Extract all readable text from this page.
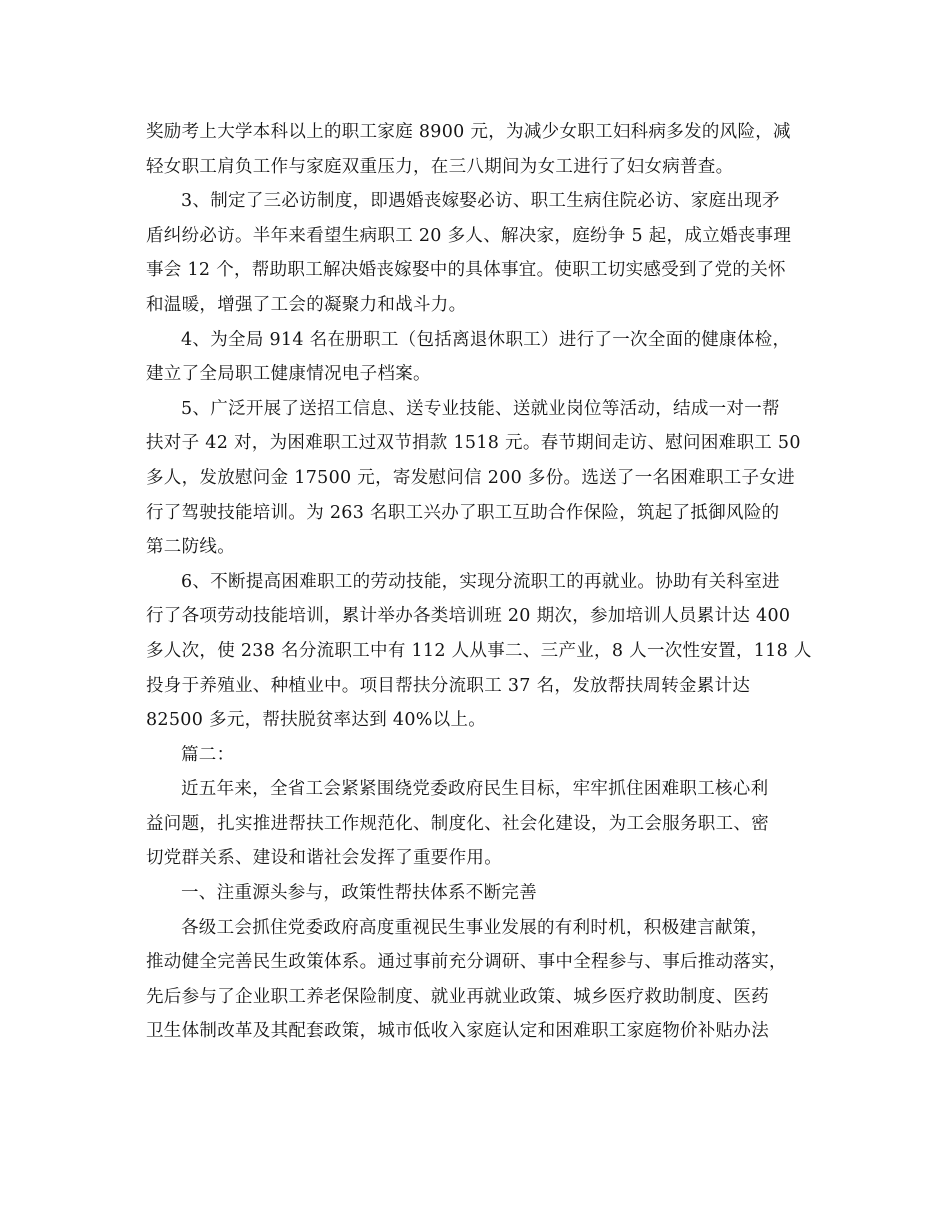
奖励考上大学本科以上的职工家庭 8900 元，为减少女职工妇科病多发的风险，减
轻女职工肩负工作与家庭双重压力，在三八期间为女工进行了妇女病普查。
3、制定了三必访制度，即遇婚丧嫁娶必访、职工生病住院必访、家庭出现矛
盾纠纷必访。半年来看望生病职工 20 多人、解决家，庭纷争 5 起，成立婚丧事理
事会 12 个，帮助职工解决婚丧嫁娶中的具体事宜。使职工切实感受到了党的关怀
和温暖，增强了工会的凝聚力和战斗力。
4、为全局 914 名在册职工（包括离退休职工）进行了一次全面的健康体检，
建立了全局职工健康情况电子档案。
5、广泛开展了送招工信息、送专业技能、送就业岗位等活动，结成一对一帮
扶对子 42 对，为困难职工过双节捐款 1518 元。春节期间走访、慰问困难职工 50
多人，发放慰问金 17500 元，寄发慰问信 200 多份。选送了一名困难职工子女进
行了驾驶技能培训。为 263 名职工兴办了职工互助合作保险，筑起了抵御风险的
第二防线。
6、不断提高困难职工的劳动技能，实现分流职工的再就业。协助有关科室进
行了各项劳动技能培训，累计举办各类培训班 20 期次，参加培训人员累计达 400
多人次，使 238 名分流职工中有 112 人从事二、三产业，8 人一次性安置，118 人
投身于养殖业、种植业中。项目帮扶分流职工 37 名，发放帮扶周转金累计达
82500 多元，帮扶脱贫率达到 40%以上。
篇二：
近五年来，全省工会紧紧围绕党委政府民生目标，牢牢抓住困难职工核心利
益问题，扎实推进帮扶工作规范化、制度化、社会化建设，为工会服务职工、密
切党群关系、建设和谐社会发挥了重要作用。
一、注重源头参与，政策性帮扶体系不断完善
各级工会抓住党委政府高度重视民生事业发展的有利时机，积极建言献策，
推动健全完善民生政策体系。通过事前充分调研、事中全程参与、事后推动落实，
先后参与了企业职工养老保险制度、就业再就业政策、城乡医疗救助制度、医药
卫生体制改革及其配套政策，城市低收入家庭认定和困难职工家庭物价补贴办法
